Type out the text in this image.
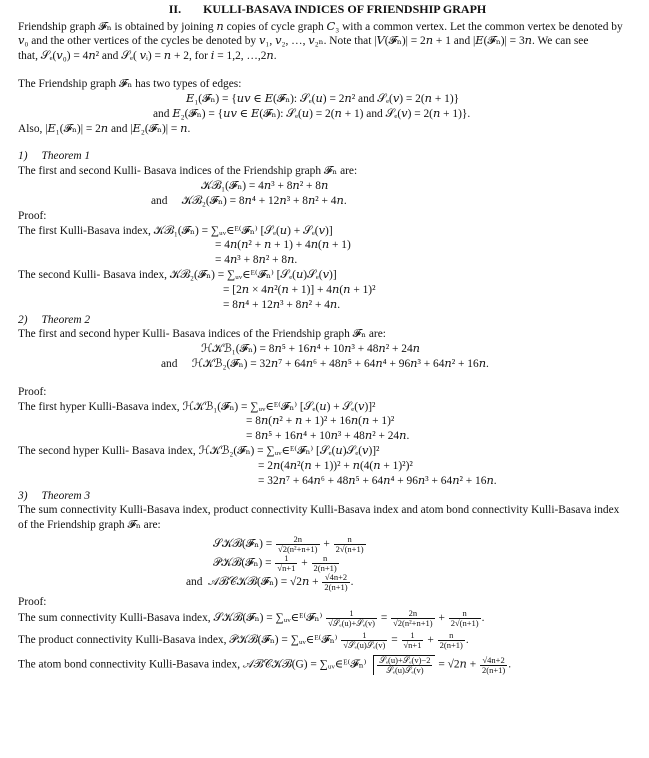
II. KULLI-BASAVA INDICES OF FRIENDSHIP GRAPH
Friendship graph 𝓕ₙ is obtained by joining 𝑛 copies of cycle graph 𝐶₃ with a common vertex. Let the common vertex be denoted by
𝑣₀ and the other vertices of the cycles be denoted by 𝑣₁, 𝑣₂, …, 𝑣₂ₙ. Note that |𝑉(𝓕ₙ)| = 2𝑛 + 1 and |𝐸(𝓕ₙ)| = 3𝑛. We can see
that, 𝒮ₑ(𝑣₀) = 4𝑛² and 𝒮ₑ( 𝑣ᵢ) = 𝑛 + 2, for 𝑖 = 1,2, …,2𝑛.
The Friendship graph 𝓕ₙ has two types of edges:
𝐸₁(𝓕ₙ) = {𝑢𝑣 ∈ 𝐸(𝓕ₙ): 𝒮ₑ(𝑢) = 2𝑛² and 𝒮ₑ(𝑣) = 2(𝑛 + 1)}
and 𝐸₂(𝓕ₙ) = {𝑢𝑣 ∈ 𝐸(𝓕ₙ): 𝒮ₑ(𝑢) = 2(𝑛 + 1) and 𝒮ₑ(𝑣) = 2(𝑛 + 1)}.
Also, |𝐸₁(𝓕ₙ)| = 2𝑛 and |𝐸₂(𝓕ₙ)| = 𝑛.
1) Theorem 1
The first and second Kulli- Basava indices of the Friendship graph 𝓕ₙ are:
𝒦ℬ₁(𝓕ₙ) = 4𝑛³ + 8𝑛² + 8𝑛
and 𝒦ℬ₂(𝓕ₙ) = 8𝑛⁴ + 12𝑛³ + 8𝑛² + 4𝑛.
Proof:
The first Kulli-Basava index, 𝒦ℬ₁(𝓕ₙ) = ∑ᵤᵥ∈ᴱ⁽𝓕ₙ⁾ [𝒮ₑ(𝑢) + 𝒮ₑ(𝑣)]
= 4𝑛(𝑛² + 𝑛 + 1) + 4𝑛(𝑛 + 1)
= 4𝑛³ + 8𝑛² + 8𝑛.
The second Kulli- Basava index, 𝒦ℬ₂(𝓕ₙ) = ∑ᵤᵥ∈ᴱ⁽𝓕ₙ⁾ [𝒮ₑ(𝑢)𝒮ₑ(𝑣)]
= [2𝑛 × 4𝑛²(𝑛 + 1)] + 4𝑛(𝑛 + 1)²
= 8𝑛⁴ + 12𝑛³ + 8𝑛² + 4𝑛.
2) Theorem 2
The first and second hyper Kulli- Basava indices of the Friendship graph 𝓕ₙ are:
ℋ𝒦ℬ₁(𝓕ₙ) = 8𝑛⁵ + 16𝑛⁴ + 10𝑛³ + 48𝑛² + 24𝑛
and ℋ𝒦ℬ₂(𝓕ₙ) = 32𝑛⁷ + 64𝑛⁶ + 48𝑛⁵ + 64𝑛⁴ + 96𝑛³ + 64𝑛² + 16𝑛.
Proof:
The first hyper Kulli-Basava index, ℋ𝒦ℬ₁(𝓕ₙ) = ∑ᵤᵥ∈ᴱ⁽𝓕ₙ⁾ [𝒮ₑ(𝑢) + 𝒮ₑ(𝑣)]²
= 8𝑛(𝑛² + 𝑛 + 1)² + 16𝑛(𝑛 + 1)²
= 8𝑛⁵ + 16𝑛⁴ + 10𝑛³ + 48𝑛² + 24𝑛.
The second hyper Kulli- Basava index, ℋ𝒦ℬ₂(𝓕ₙ) = ∑ᵤᵥ∈ᴱ⁽𝓕ₙ⁾ [𝒮ₑ(𝑢)𝒮ₑ(𝑣)]²
= 2𝑛(4𝑛²(𝑛 + 1))² + 𝑛(4(𝑛 + 1)²)²
= 32𝑛⁷ + 64𝑛⁶ + 48𝑛⁵ + 64𝑛⁴ + 96𝑛³ + 64𝑛² + 16𝑛.
3) Theorem 3
The sum connectivity Kulli-Basava index, product connectivity Kulli-Basava index and atom bond connectivity Kulli-Basava index
of the Friendship graph 𝓕ₙ are:
𝒮𝒦ℬ(𝓕ₙ) = $\frac{2n}{\text{√2(n²+n+1)}} + \frac{n}{2√(n+1)}$
𝒫𝒦ℬ(𝓕ₙ) = $\frac{1}{√n+1} + \frac{n}{2(n+1)}$
and 𝒜ℬ𝒞𝒦ℬ(𝓕ₙ) = √2𝑛 + $\frac{√4n+2}{2(n+1)}$ .
Proof:
The sum connectivity Kulli-Basava index, 𝒮𝒦ℬ(𝓕ₙ) = ∑ᵤᵥ∈ᴱ⁽𝓕ₙ⁾ $\frac{1}{\text{√𝒮ₑ(u)+𝒮ₑ(v)}} = \frac{2n}{\text{√2(n²+n+1)}} + \frac{n}{2√(n+1)}$ .
The product connectivity Kulli-Basava index, 𝒫𝒦ℬ(𝓕ₙ) = ∑ᵤᵥ∈ᴱ⁽𝓕ₙ⁾ $\frac{1}{\text{√𝒮ₑ(u)𝒮ₑ(v)}} = \frac{1}{√n+1} + \frac{n}{2(n+1)}$ .
The atom bond connectivity Kulli-Basava index, 𝒜ℬ𝒞𝒦ℬ(G) = ∑ᵤᵥ∈ᴱ⁽𝓕ₙ⁾ $\frac{\text{𝒮ₑ(u)+𝒮ₑ(v)−2}}{\text{𝒮ₑ(u)𝒮ₑ(v)}}$ = √2𝑛 + $\frac{√4n+2}{2(n+1)}$ .
